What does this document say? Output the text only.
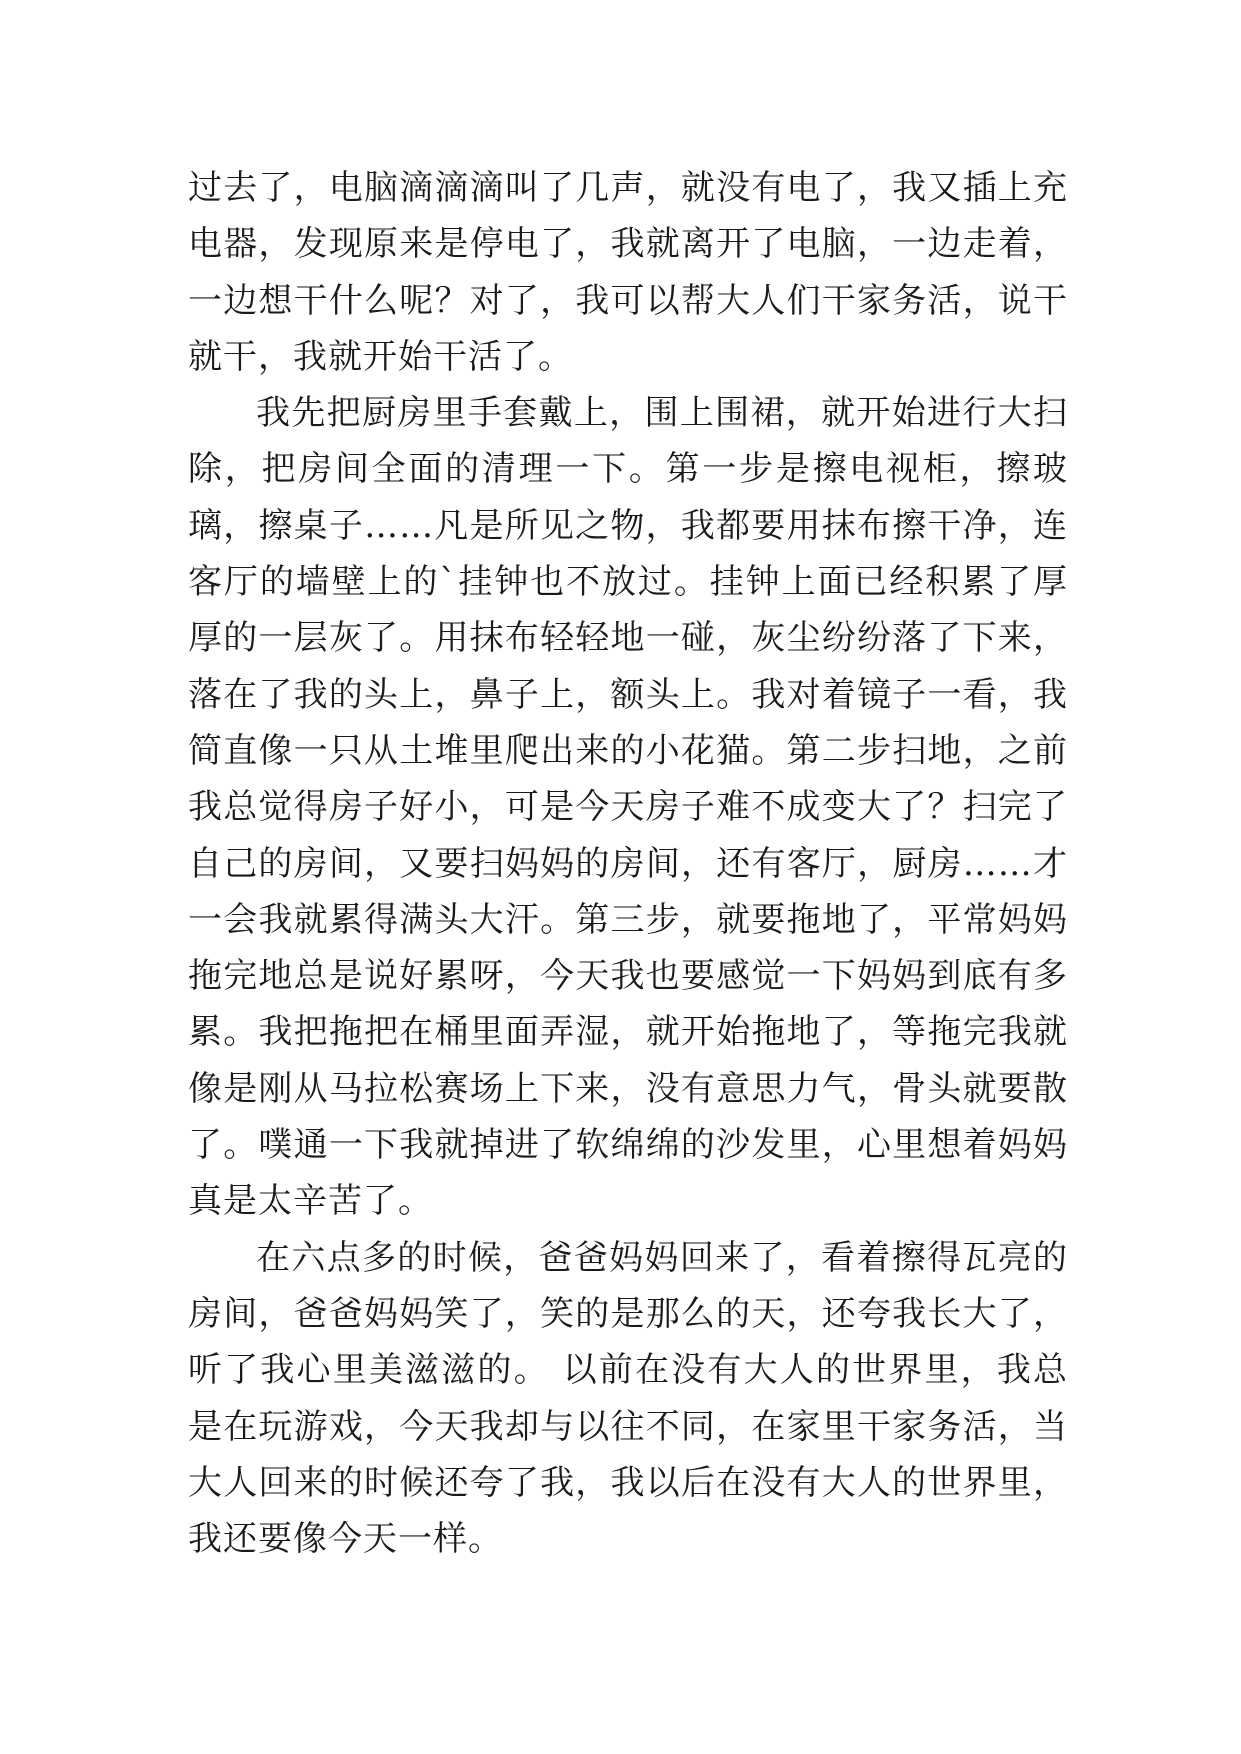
过去了，电脑滴滴滴叫了几声，就没有电了，我又插上充电器，发现原来是停电了，我就离开了电脑，一边走着，一边想干什么呢？对了，我可以帮大人们干家务活，说干就干，我就开始干活了。

我先把厨房里手套戴上，围上围裙，就开始进行大扫除，把房间全面的清理一下。第一步是擦电视柜，擦玻璃，擦桌子……凡是所见之物，我都要用抹布擦干净，连客厅的墙壁上的`挂钟也不放过。挂钟上面已经积累了厚厚的一层灰了。用抹布轻轻地一碰，灰尘纷纷落了下来，落在了我的头上，鼻子上，额头上。我对着镜子一看，我简直像一只从土堆里爬出来的小花猫。第二步扫地，之前我总觉得房子好小，可是今天房子难不成变大了？扫完了自己的房间，又要扫妈妈的房间，还有客厅，厨房……才一会我就累得满头大汗。第三步，就要拖地了，平常妈妈拖完地总是说好累呀，今天我也要感觉一下妈妈到底有多累。我把拖把在桶里面弄湿，就开始拖地了，等拖完我就像是刚从马拉松赛场上下来，没有意思力气，骨头就要散了。噗通一下我就掉进了软绵绵的沙发里，心里想着妈妈真是太辛苦了。

在六点多的时候，爸爸妈妈回来了，看着擦得瓦亮的房间，爸爸妈妈笑了，笑的是那么的天，还夸我长大了，听了我心里美滋滋的。 以前在没有大人的世界里，我总是在玩游戏，今天我却与以往不同，在家里干家务活，当大人回来的时候还夸了我，我以后在没有大人的世界里，我还要像今天一样。
